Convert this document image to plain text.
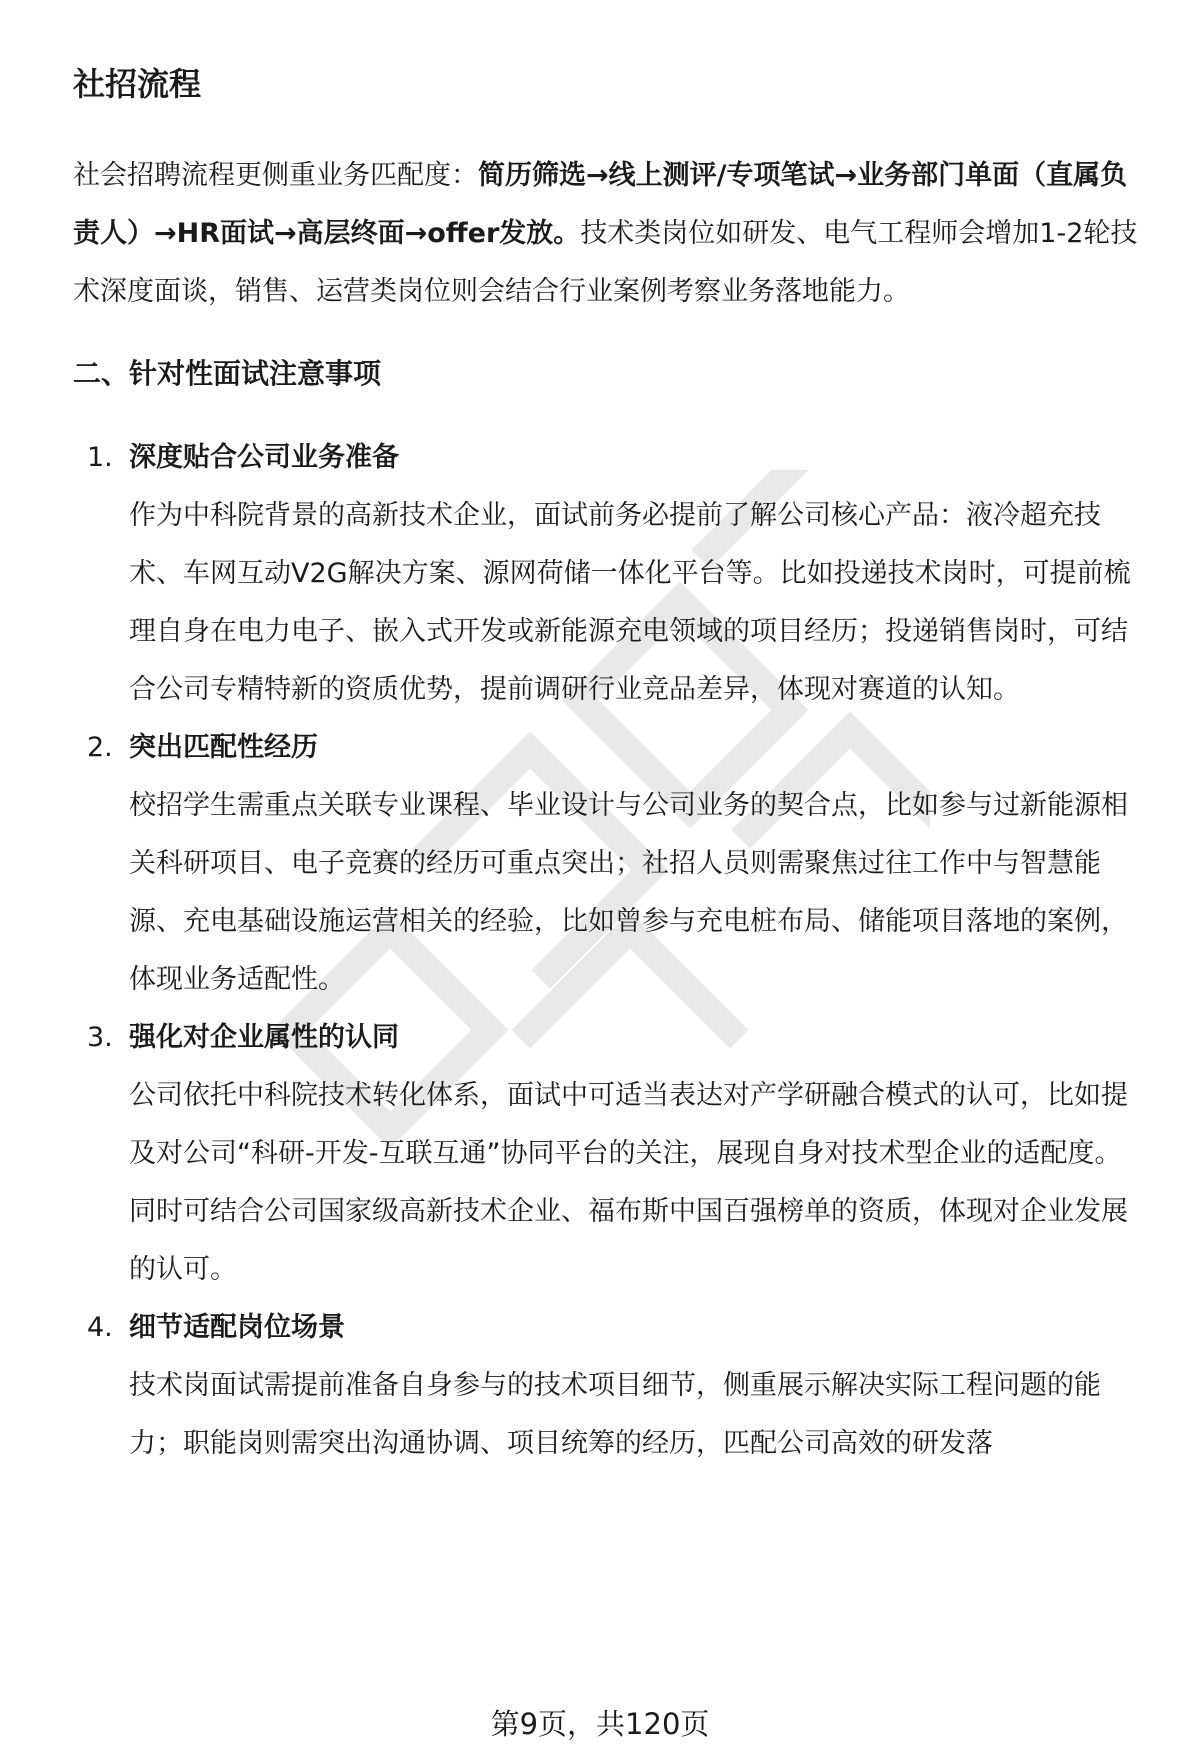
社招流程

社会招聘流程更侧重业务匹配度：简历筛选→线上测评/专项笔试→业务部门单面（直属负责人）→HR面试→高层终面→offer发放。技术类岗位如研发、电气工程师会增加1-2轮技术深度面谈，销售、运营类岗位则会结合行业案例考察业务落地能力。

二、针对性面试注意事项
1. 深度贴合公司业务准备
作为中科院背景的高新技术企业，面试前务必提前了解公司核心产品：液冷超充技术、车网互动V2G解决方案、源网荷储一体化平台等。比如投递技术岗时，可提前梳理自身在电力电子、嵌入式开发或新能源充电领域的项目经历；投递销售岗时，可结合公司专精特新的资质优势，提前调研行业竞品差异，体现对赛道的认知。
2. 突出匹配性经历
校招学生需重点关联专业课程、毕业设计与公司业务的契合点，比如参与过新能源相关科研项目、电子竞赛的经历可重点突出；社招人员则需聚焦过往工作中与智慧能源、充电基础设施运营相关的经验，比如曾参与充电桩布局、储能项目落地的案例，体现业务适配性。
3. 强化对企业属性的认同
公司依托中科院技术转化体系，面试中可适当表达对产学研融合模式的认可，比如提及对公司“科研-开发-互联互通”协同平台的关注，展现自身对技术型企业的适配度。同时可结合公司国家级高新技术企业、福布斯中国百强榜单的资质，体现对企业发展的认可。
4. 细节适配岗位场景
技术岗面试需提前准备自身参与的技术项目细节，侧重展示解决实际工程问题的能力；职能岗则需突出沟通协调、项目统筹的经历，匹配公司高效的研发落
第9页，共120页
